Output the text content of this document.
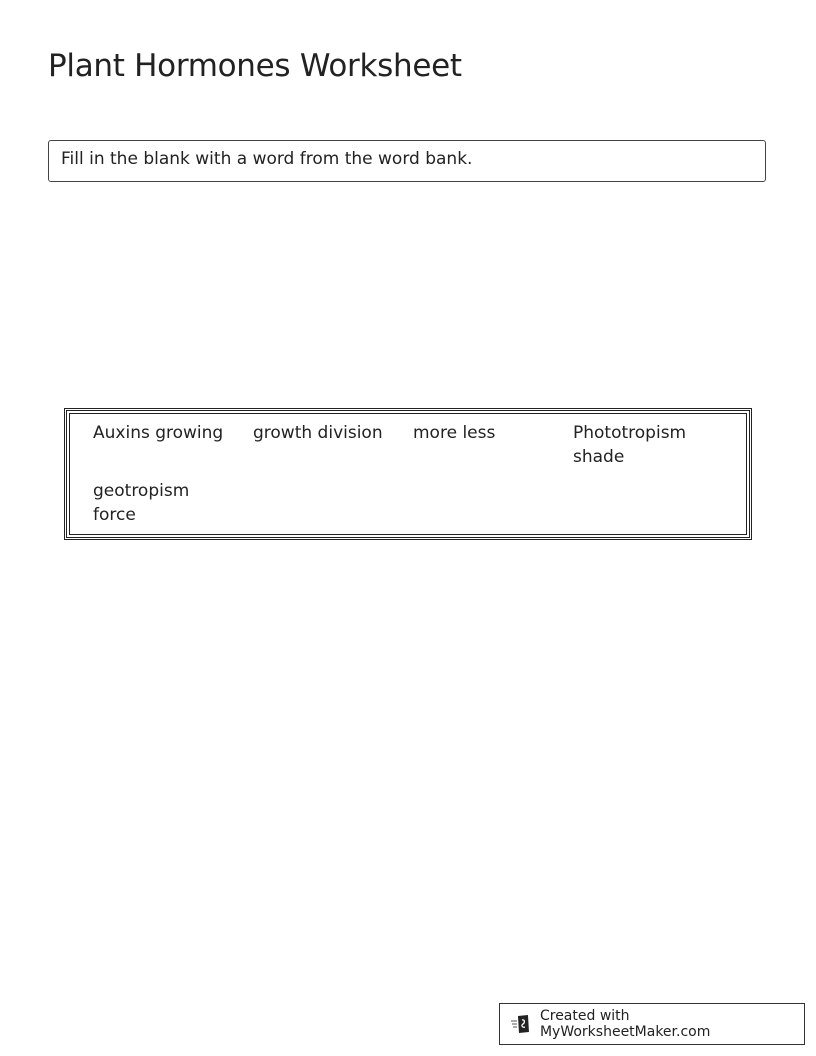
Plant Hormones Worksheet
Fill in the blank with a word from the word bank.
Auxins growing growth division more less	Phototropism
shade
geotropism
force
Created with MyWorksheetMaker.com
